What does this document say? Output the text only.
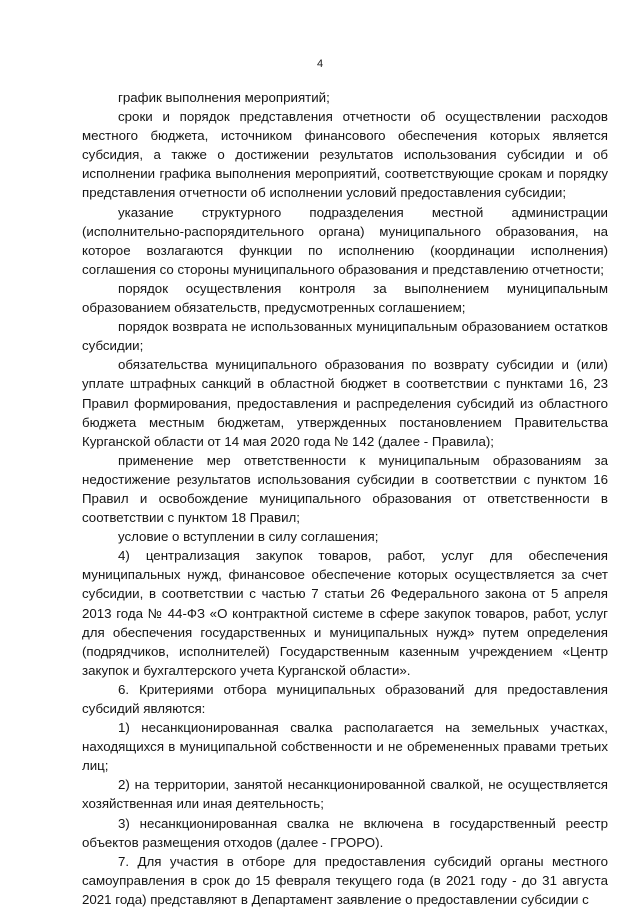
4

график выполнения мероприятий;

сроки и порядок представления отчетности об осуществлении расходов местного бюджета, источником финансового обеспечения которых является субсидия, а также о достижении результатов использования субсидии и об исполнении графика выполнения мероприятий, соответствующие срокам и порядку представления отчетности об исполнении условий предоставления субсидии;

указание структурного подразделения местной администрации (исполнительно-распорядительного органа) муниципального образования, на которое возлагаются функции по исполнению (координации исполнения) соглашения со стороны муниципального образования и представлению отчетности;

порядок осуществления контроля за выполнением муниципальным образованием обязательств, предусмотренных соглашением;

порядок возврата не использованных муниципальным образованием остатков субсидии;

обязательства муниципального образования по возврату субсидии и (или) уплате штрафных санкций в областной бюджет в соответствии с пунктами 16, 23 Правил формирования, предоставления и распределения субсидий из областного бюджета местным бюджетам, утвержденных постановлением Правительства Курганской области от 14 мая 2020 года № 142 (далее - Правила);

применение мер ответственности к муниципальным образованиям за недостижение результатов использования субсидии в соответствии с пунктом 16 Правил и освобождение муниципального образования от ответственности в соответствии с пунктом 18 Правил;

условие о вступлении в силу соглашения;

4) централизация закупок товаров, работ, услуг для обеспечения муниципальных нужд, финансовое обеспечение которых осуществляется за счет субсидии, в соответствии с частью 7 статьи 26 Федерального закона от 5 апреля 2013 года № 44-ФЗ «О контрактной системе в сфере закупок товаров, работ, услуг для обеспечения государственных и муниципальных нужд» путем определения (подрядчиков, исполнителей) Государственным казенным учреждением «Центр закупок и бухгалтерского учета Курганской области».

6. Критериями отбора муниципальных образований для предоставления субсидий являются:

1) несанкционированная свалка располагается на земельных участках, находящихся в муниципальной собственности и не обремененных правами третьих лиц;

2) на территории, занятой несанкционированной свалкой, не осуществляется хозяйственная или иная деятельность;

3) несанкционированная свалка не включена в государственный реестр объектов размещения отходов (далее - ГРОРО).

7. Для участия в отборе для предоставления субсидий органы местного самоуправления в срок до 15 февраля текущего года (в 2021 году - до 31 августа 2021 года) представляют в Департамент заявление о предоставлении субсидии с
